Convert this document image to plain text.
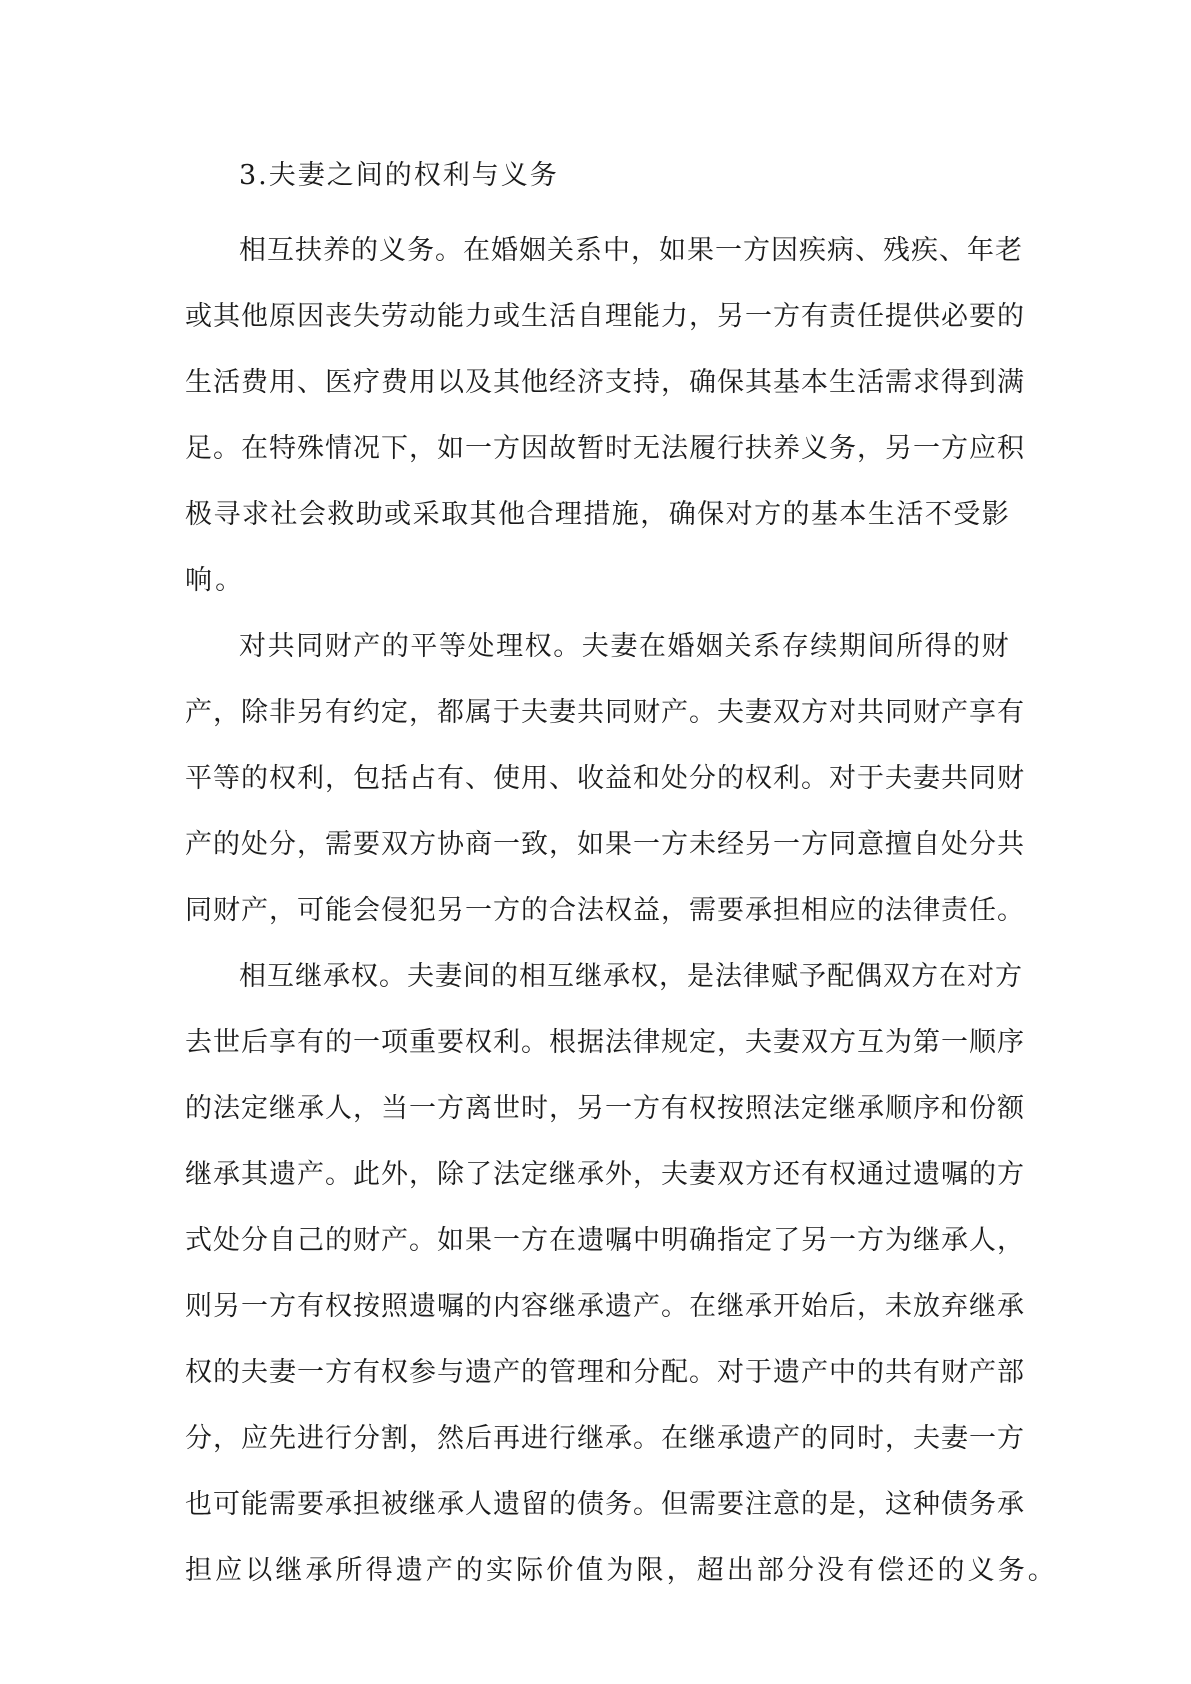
3.夫妻之间的权利与义务
相 互 扶 养 的 义 务 。 在 婚 姻 关 系 中 ， 如 果 一 方 因 疾 病 、 残 疾 、 年 老
或 其 他 原 因 丧 失 劳 动 能 力 或 生 活 自 理 能 力 ， 另 一 方 有 责 任 提 供 必 要 的
生 活 费 用 、 医 疗 费 用 以 及 其 他 经 济 支 持 ， 确 保 其 基 本 生 活 需 求 得 到 满
足 。 在 特 殊 情 况 下 ， 如 一 方 因 故 暂 时 无 法 履 行 扶 养 义 务 ， 另 一 方 应 积
极 寻 求 社 会 救 助 或 采 取 其 他 合 理 措 施 ， 确 保 对 方 的 基 本 生 活 不 受 影
响。
对 共 同 财 产 的 平 等 处 理 权 。 夫 妻 在 婚 姻 关 系 存 续 期 间 所 得 的 财
产 ， 除 非 另 有 约 定 ， 都 属 于 夫 妻 共 同 财 产 。 夫 妻 双 方 对 共 同 财 产 享 有
平 等 的 权 利 ， 包 括 占 有 、 使 用 、 收 益 和 处 分 的 权 利 。 对 于 夫 妻 共 同 财
产 的 处 分 ， 需 要 双 方 协 商 一 致 ， 如 果 一 方 未 经 另 一 方 同 意 擅 自 处 分 共
同 财 产 ， 可 能 会 侵 犯 另 一 方 的 合 法 权 益 ， 需 要 承 担 相 应 的 法 律 责 任 。
相 互 继 承 权 。 夫 妻 间 的 相 互 继 承 权 ， 是 法 律 赋 予 配 偶 双 方 在 对 方
去 世 后 享 有 的 一 项 重 要 权 利 。 根 据 法 律 规 定 ， 夫 妻 双 方 互 为 第 一 顺 序
的 法 定 继 承 人 ， 当 一 方 离 世 时 ， 另 一 方 有 权 按 照 法 定 继 承 顺 序 和 份 额
继 承 其 遗 产 。 此 外 ， 除 了 法 定 继 承 外 ， 夫 妻 双 方 还 有 权 通 过 遗 嘱 的 方
式 处 分 自 己 的 财 产 。 如 果 一 方 在 遗 嘱 中 明 确 指 定 了 另 一 方 为 继 承 人 ，
则 另 一 方 有 权 按 照 遗 嘱 的 内 容 继 承 遗 产 。 在 继 承 开 始 后 ， 未 放 弃 继 承
权 的 夫 妻 一 方 有 权 参 与 遗 产 的 管 理 和 分 配 。 对 于 遗 产 中 的 共 有 财 产 部
分 ， 应 先 进 行 分 割 ， 然 后 再 进 行 继 承 。 在 继 承 遗 产 的 同 时 ， 夫 妻 一 方
也 可 能 需 要 承 担 被 继 承 人 遗 留 的 债 务 。 但 需 要 注 意 的 是 ， 这 种 债 务 承
担应以继承所得遗产的实际价值为限，超出部分没有偿还的义务。
